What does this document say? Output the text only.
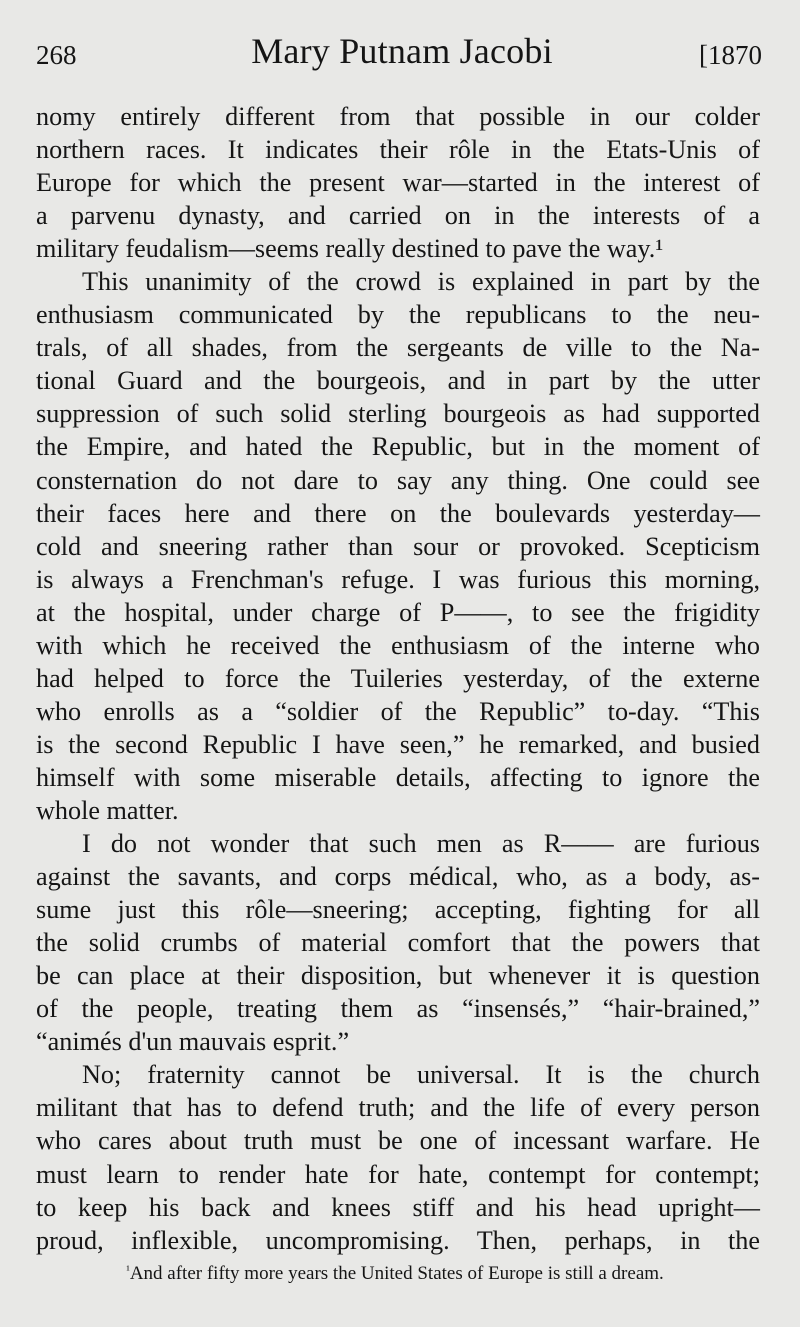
268	Mary Putnam Jacobi	[1870
nomy entirely different from that possible in our colder
northern races. It indicates their rôle in the Etats-Unis of
Europe for which the present war—started in the interest of
a parvenu dynasty, and carried on in the interests of a
military feudalism—seems really destined to pave the way.¹
This unanimity of the crowd is explained in part by the
enthusiasm communicated by the republicans to the neu-
trals, of all shades, from the sergeants de ville to the Na-
tional Guard and the bourgeois, and in part by the utter
suppression of such solid sterling bourgeois as had supported
the Empire, and hated the Republic, but in the moment of
consternation do not dare to say any thing. One could see
their faces here and there on the boulevards yesterday—
cold and sneering rather than sour or provoked. Scepticism
is always a Frenchman's refuge. I was furious this morning,
at the hospital, under charge of P——, to see the frigidity
with which he received the enthusiasm of the interne who
had helped to force the Tuileries yesterday, of the externe
who enrolls as a “soldier of the Republic” to-day. “This
is the second Republic I have seen,” he remarked, and busied
himself with some miserable details, affecting to ignore the
whole matter.
I do not wonder that such men as R—— are furious
against the savants, and corps médical, who, as a body, as-
sume just this rôle—sneering; accepting, fighting for all
the solid crumbs of material comfort that the powers that
be can place at their disposition, but whenever it is question
of the people, treating them as “insensés,” “hair-brained,”
“animés d'un mauvais esprit.”
No; fraternity cannot be universal. It is the church
militant that has to defend truth; and the life of every person
who cares about truth must be one of incessant warfare. He
must learn to render hate for hate, contempt for contempt;
to keep his back and knees stiff and his head upright—
proud, inflexible, uncompromising. Then, perhaps, in the
$^{^1}$And after fifty more years the United States of Europe is still a dream.
